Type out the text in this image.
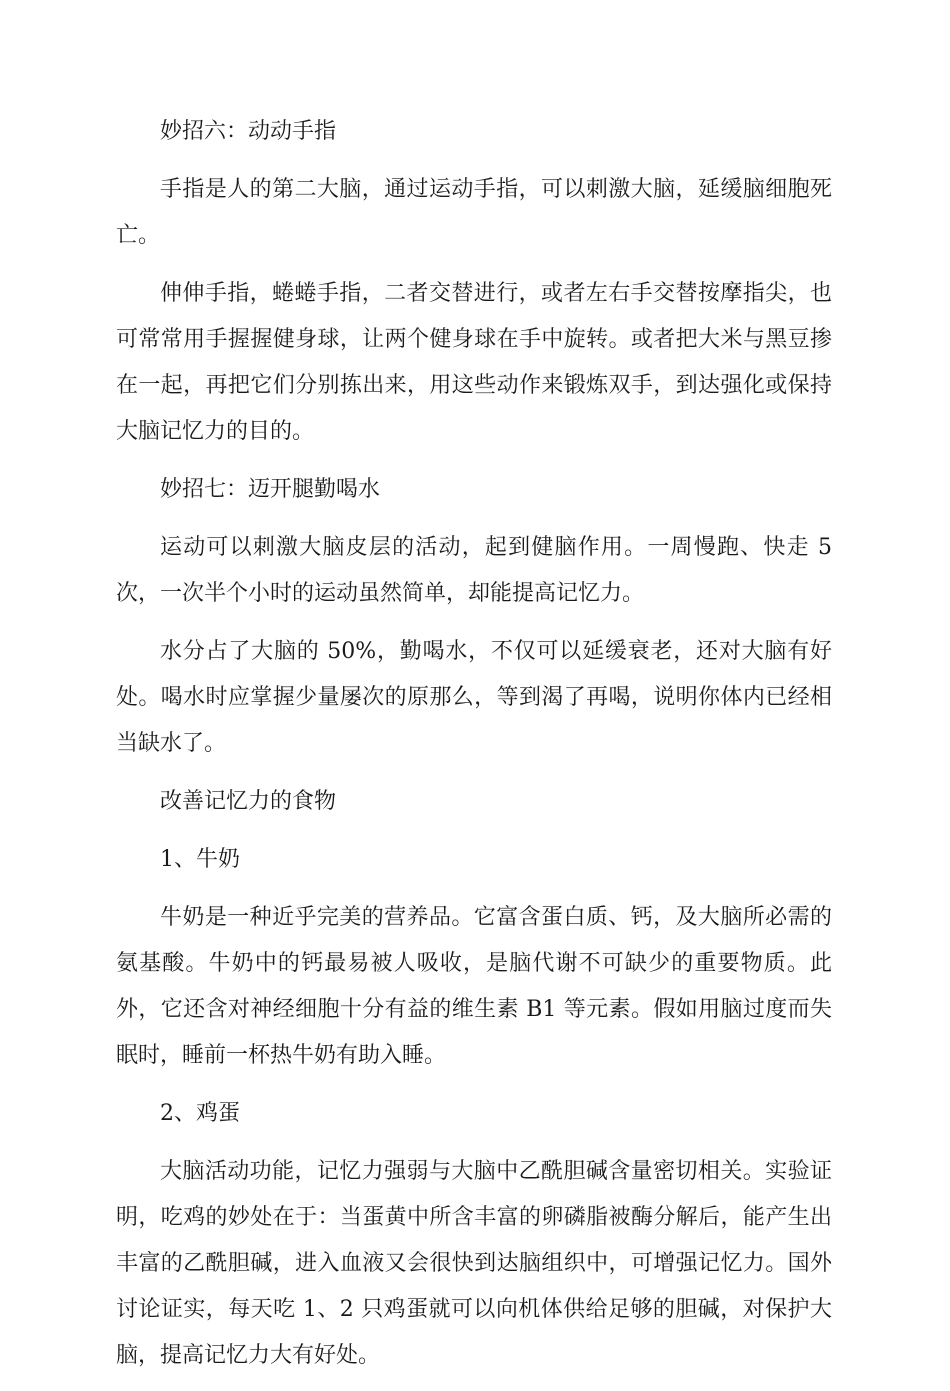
妙招六：动动手指

手指是人的第二大脑，通过运动手指，可以刺激大脑，延缓脑细胞死亡。

伸伸手指，蜷蜷手指，二者交替进行，或者左右手交替按摩指尖，也可常常用手握握健身球，让两个健身球在手中旋转。或者把大米与黑豆掺在一起，再把它们分别拣出来，用这些动作来锻炼双手，到达强化或保持大脑记忆力的目的。

妙招七：迈开腿勤喝水

运动可以刺激大脑皮层的活动，起到健脑作用。一周慢跑、快走 5 次，一次半个小时的运动虽然简单，却能提高记忆力。

水分占了大脑的 50%，勤喝水，不仅可以延缓衰老，还对大脑有好处。喝水时应掌握少量屡次的原那么，等到渴了再喝，说明你体内已经相当缺水了。

改善记忆力的食物

1、牛奶

牛奶是一种近乎完美的营养品。它富含蛋白质、钙，及大脑所必需的氨基酸。牛奶中的钙最易被人吸收，是脑代谢不可缺少的重要物质。此外，它还含对神经细胞十分有益的维生素 B1 等元素。假如用脑过度而失眠时，睡前一杯热牛奶有助入睡。

2、鸡蛋

大脑活动功能，记忆力强弱与大脑中乙酰胆碱含量密切相关。实验证明，吃鸡的妙处在于：当蛋黄中所含丰富的卵磷脂被酶分解后，能产生出丰富的乙酰胆碱，进入血液又会很快到达脑组织中，可增强记忆力。国外讨论证实，每天吃 1、2 只鸡蛋就可以向机体供给足够的胆碱，对保护大脑，提高记忆力大有好处。
